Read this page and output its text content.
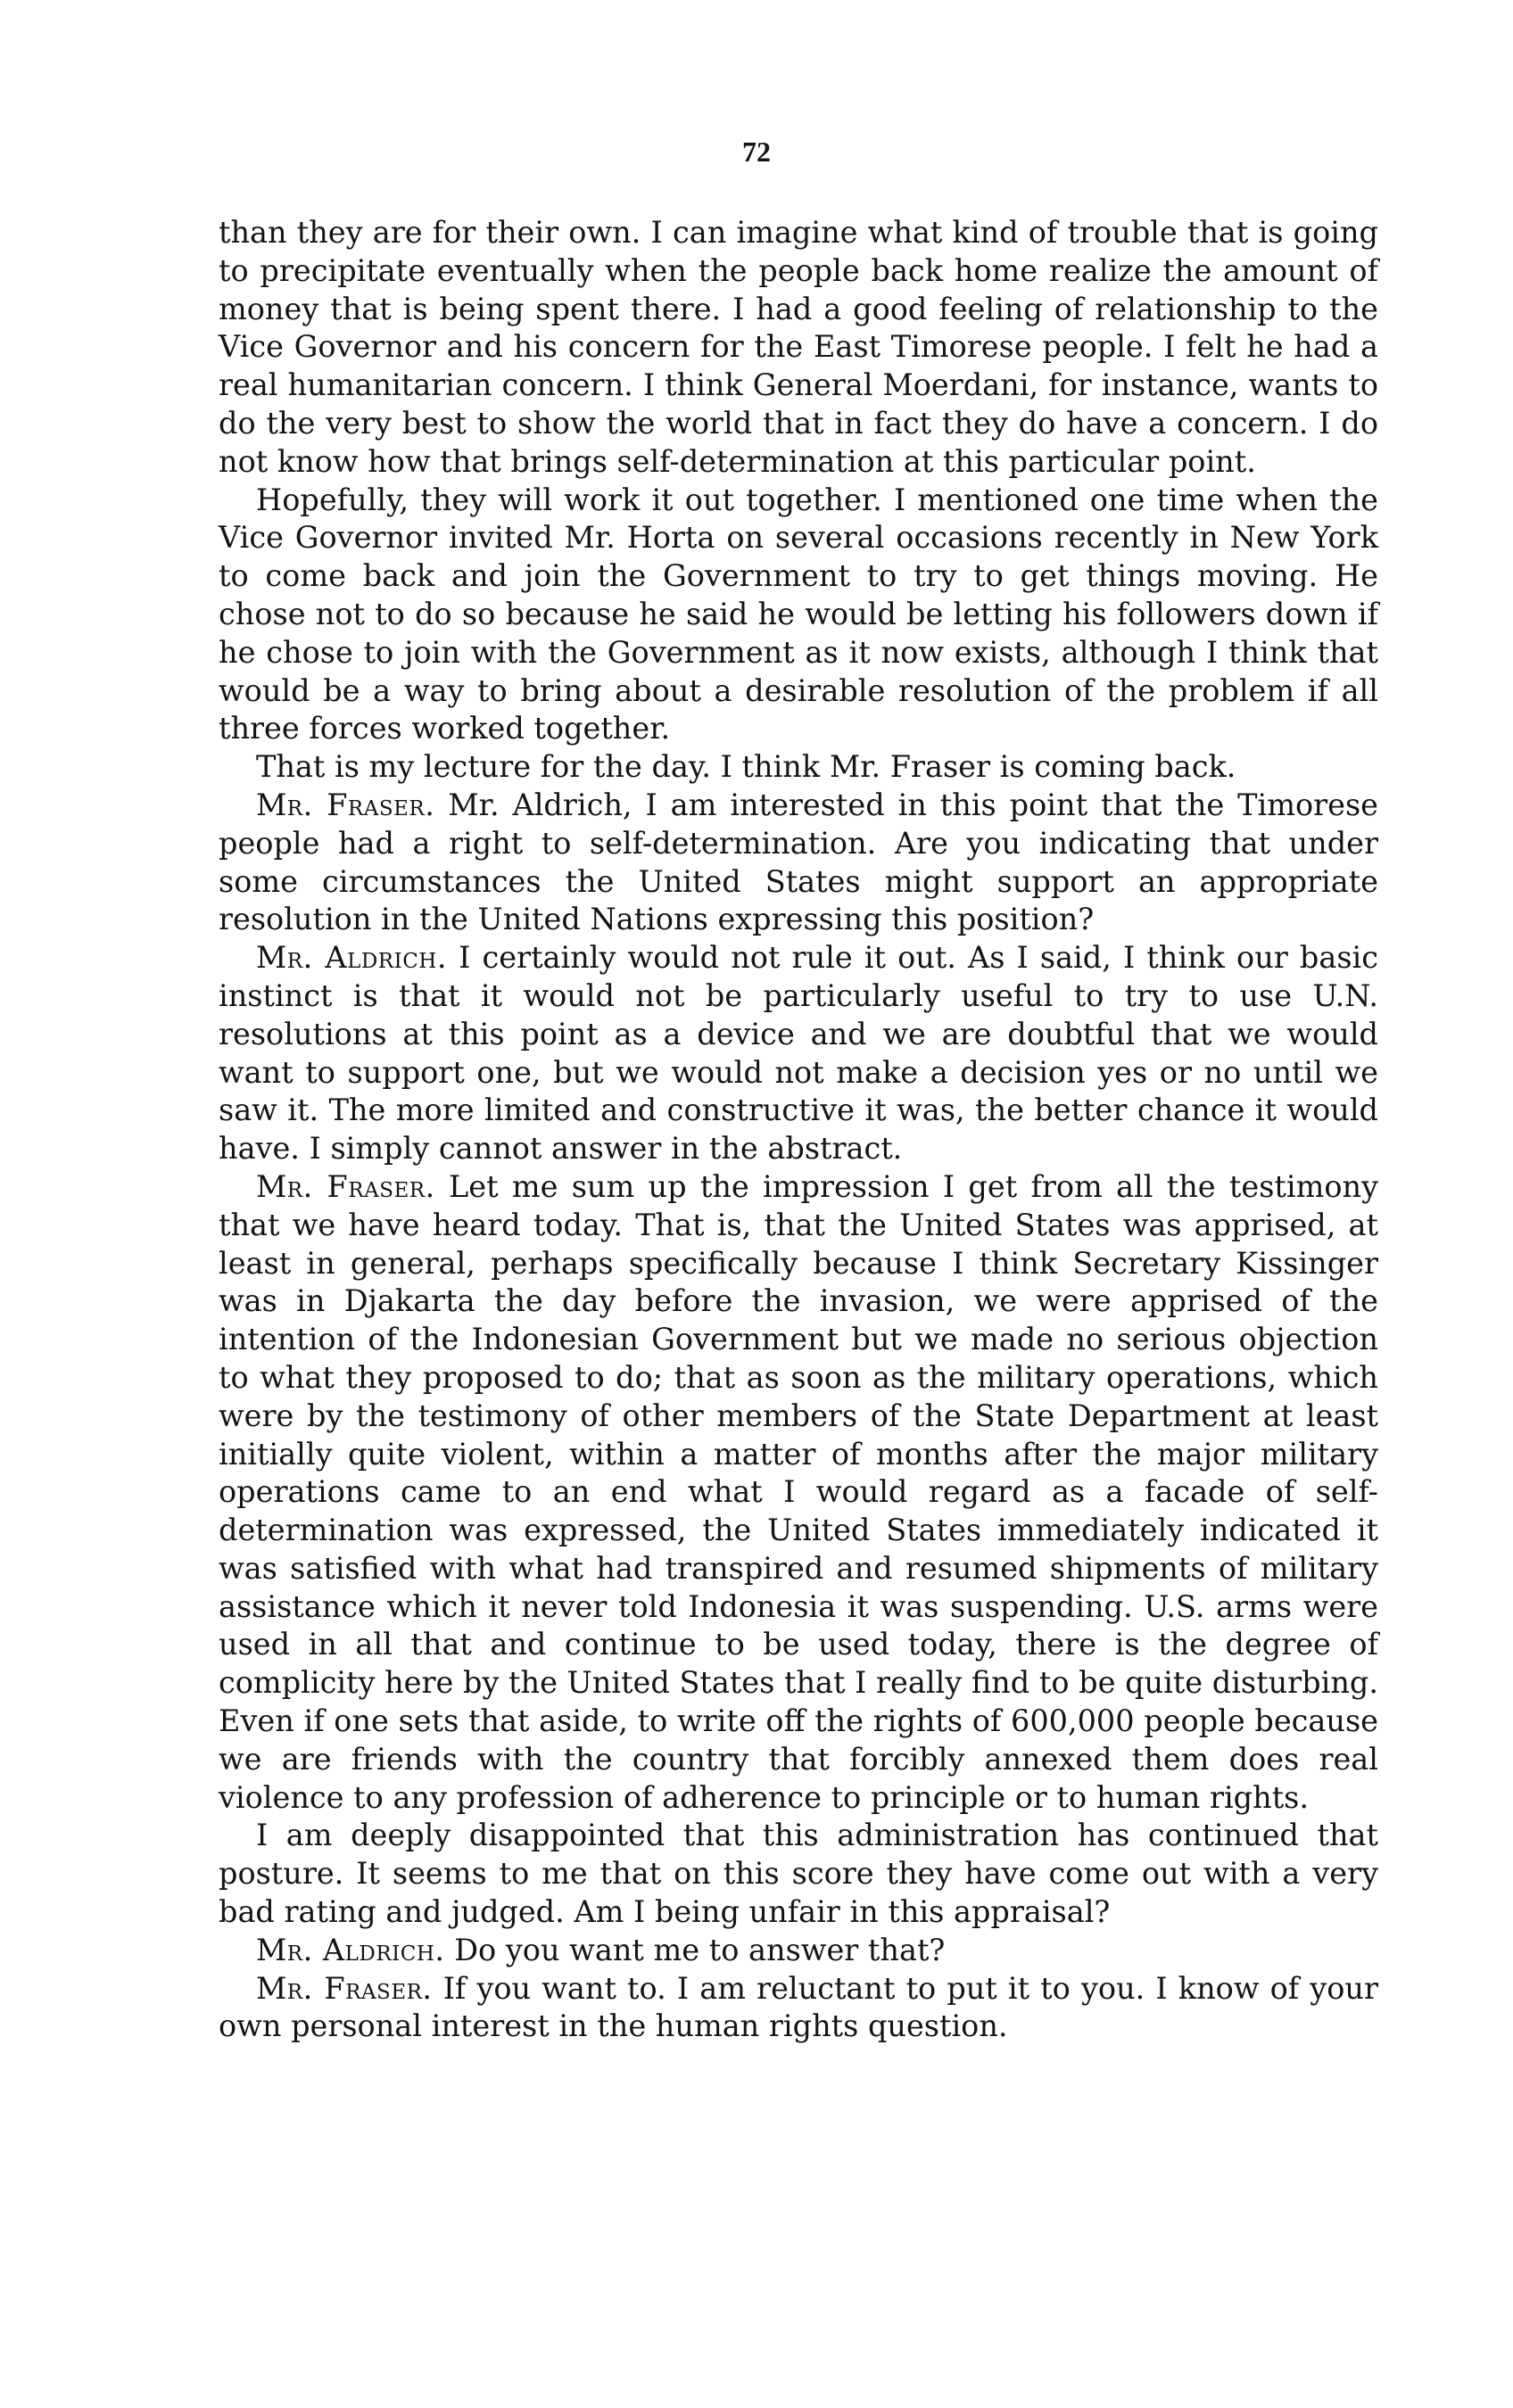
72

than they are for their own. I can imagine what kind of trouble that is going to precipitate eventually when the people back home realize the amount of money that is being spent there. I had a good feeling of relationship to the Vice Governor and his concern for the East Timorese people. I felt he had a real humanitarian concern. I think General Moerdani, for instance, wants to do the very best to show the world that in fact they do have a concern. I do not know how that brings self-determination at this particular point.

Hopefully, they will work it out together. I mentioned one time when the Vice Governor invited Mr. Horta on several occasions recently in New York to come back and join the Government to try to get things moving. He chose not to do so because he said he would be letting his followers down if he chose to join with the Government as it now exists, although I think that would be a way to bring about a desirable resolution of the problem if all three forces worked together.

That is my lecture for the day. I think Mr. Fraser is coming back.

Mr. Fraser. Mr. Aldrich, I am interested in this point that the Timorese people had a right to self-determination. Are you indicating that under some circumstances the United States might support an appropriate resolution in the United Nations expressing this position?

Mr. Aldrich. I certainly would not rule it out. As I said, I think our basic instinct is that it would not be particularly useful to try to use U.N. resolutions at this point as a device and we are doubtful that we would want to support one, but we would not make a decision yes or no until we saw it. The more limited and constructive it was, the better chance it would have. I simply cannot answer in the abstract.

Mr. Fraser. Let me sum up the impression I get from all the testimony that we have heard today. That is, that the United States was apprised, at least in general, perhaps specifically because I think Secretary Kissinger was in Djakarta the day before the invasion, we were apprised of the intention of the Indonesian Government but we made no serious objection to what they proposed to do; that as soon as the military operations, which were by the testimony of other members of the State Department at least initially quite violent, within a matter of months after the major military operations came to an end what I would regard as a facade of self-determination was expressed, the United States immediately indicated it was satisfied with what had transpired and resumed shipments of military assistance which it never told Indonesia it was suspending. U.S. arms were used in all that and continue to be used today, there is the degree of complicity here by the United States that I really find to be quite disturbing. Even if one sets that aside, to write off the rights of 600,000 people because we are friends with the country that forcibly annexed them does real violence to any profession of adherence to principle or to human rights.

I am deeply disappointed that this administration has continued that posture. It seems to me that on this score they have come out with a very bad rating and judged. Am I being unfair in this appraisal?

Mr. Aldrich. Do you want me to answer that?

Mr. Fraser. If you want to. I am reluctant to put it to you. I know of your own personal interest in the human rights question.
